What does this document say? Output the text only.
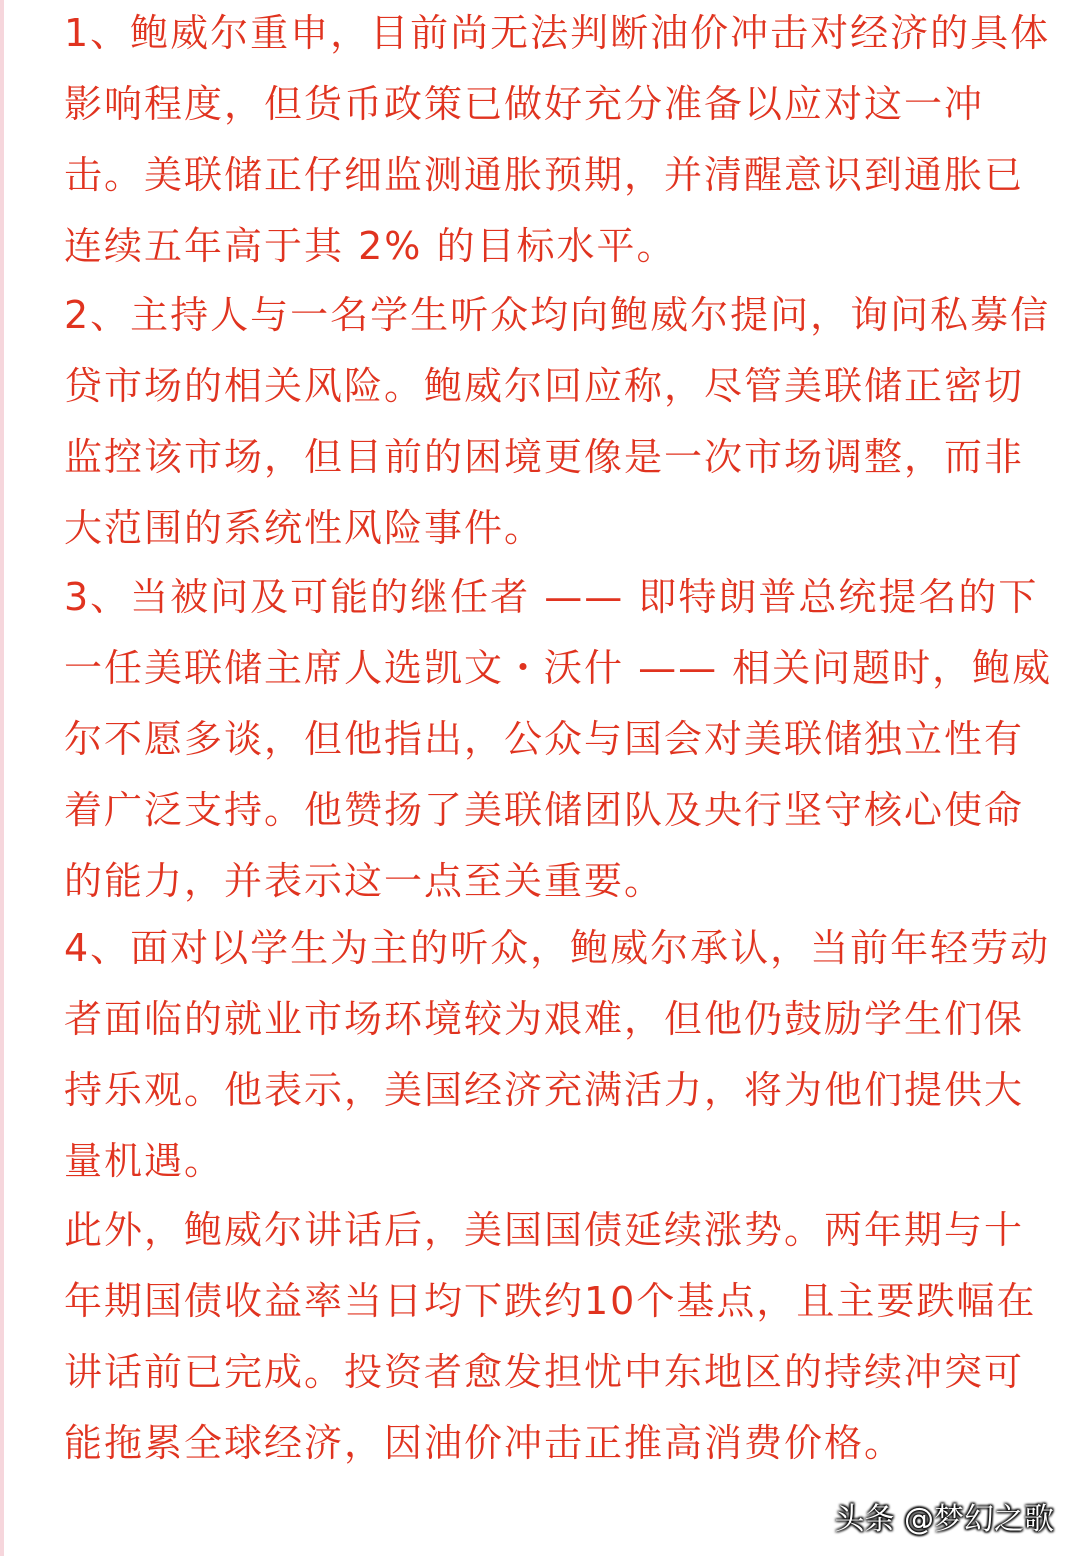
1、鲍威尔重申，目前尚无法判断油价冲击对经济的具体影响程度，但货币政策已做好充分准备以应对这一冲击。美联储正仔细监测通胀预期，并清醒意识到通胀已连续五年高于其 2% 的目标水平。

2、主持人与一名学生听众均向鲍威尔提问，询问私募信贷市场的相关风险。鲍威尔回应称，尽管美联储正密切监控该市场，但目前的困境更像是一次市场调整，而非大范围的系统性风险事件。

3、当被问及可能的继任者 —— 即特朗普总统提名的下一任美联储主席人选凯文・沃什 —— 相关问题时，鲍威尔不愿多谈，但他指出，公众与国会对美联储独立性有着广泛支持。他赞扬了美联储团队及央行坚守核心使命的能力，并表示这一点至关重要。

4、面对以学生为主的听众，鲍威尔承认，当前年轻劳动者面临的就业市场环境较为艰难，但他仍鼓励学生们保持乐观。他表示，美国经济充满活力，将为他们提供大量机遇。

此外，鲍威尔讲话后，美国国债延续涨势。两年期与十年期国债收益率当日均下跌约10个基点，且主要跌幅在讲话前已完成。投资者愈发担忧中东地区的持续冲突可能拖累全球经济，因油价冲击正推高消费价格。

头条 @梦幻之歌
